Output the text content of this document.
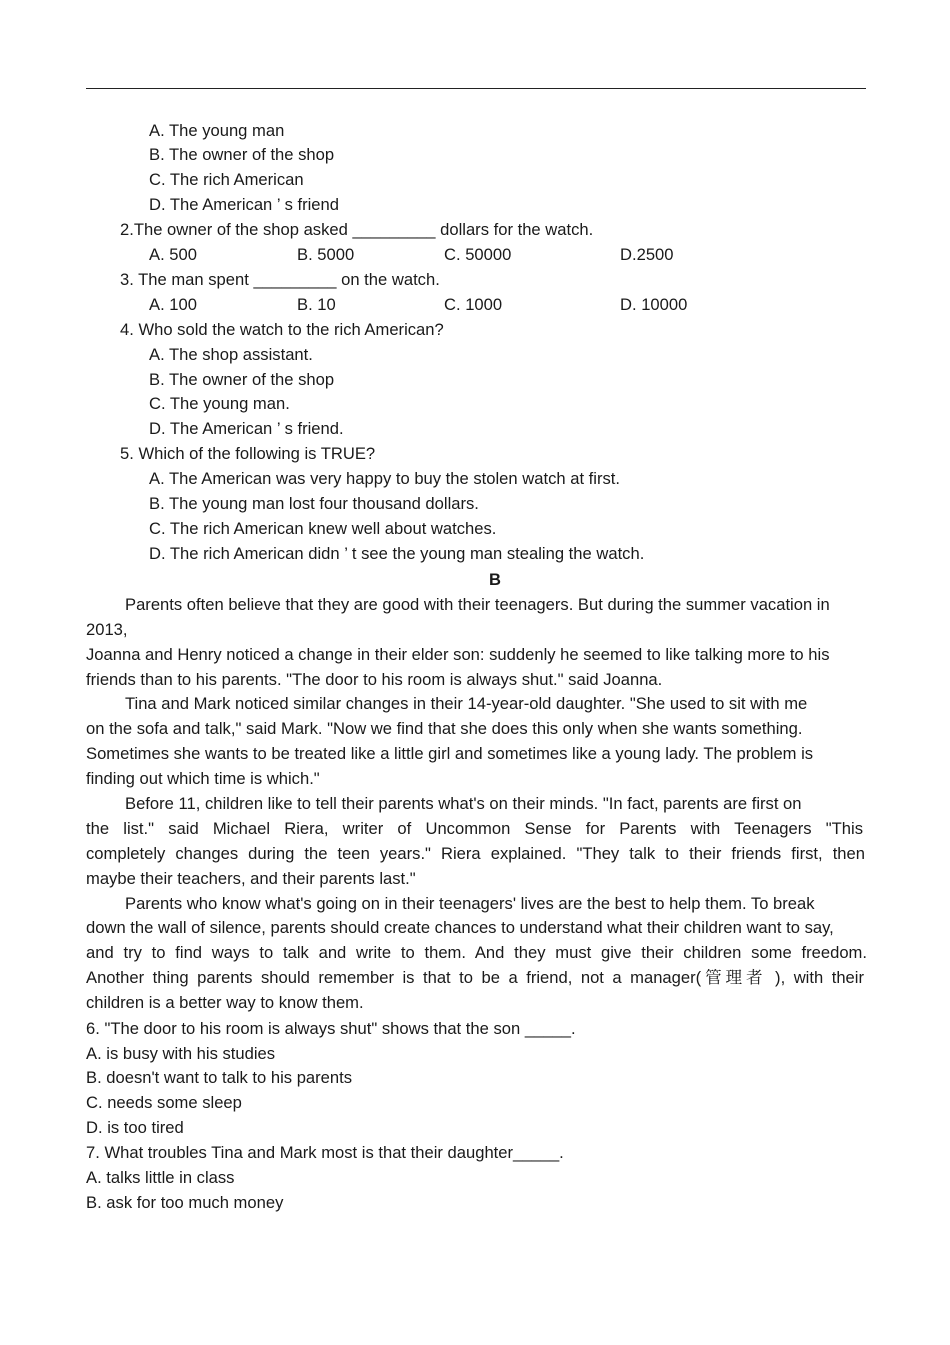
A. The young man
B. The owner of the shop
C. The rich American
D. The American ’ s friend
2.The owner of the shop asked _________ dollars for the watch.
A. 500	B. 5000	C. 50000	D.2500
3. The man spent _________ on the watch.
A. 100	B. 10	C. 1000	D. 10000
4. Who sold the watch to the rich American?
A. The shop assistant.
B. The owner of the shop
C. The young man.
D. The American ’ s friend.
5. Which of the following is TRUE?
A. The American was very happy to buy the stolen watch at first.
B. The young man lost four thousand dollars.
C. The rich American knew well about watches.
D. The rich American didn ’ t see the young man stealing the watch.
B
Parents often believe that they are good with their teenagers. But during the summer vacation in
2013,
Joanna and Henry noticed a change in their elder son: suddenly he seemed to like talking more to his
friends than to his parents. "The door to his room is always shut." said Joanna.
Tina and Mark noticed similar changes in their 14-year-old daughter. "She used to sit with me
on the sofa and talk," said Mark. "Now we find that she does this only when she wants something.
Sometimes she wants to be treated like a little girl and sometimes like a young lady. The problem is
finding out which time is which."
Before 11, children like to tell their parents what's on their minds. "In fact, parents are first on
the list." said Michael Riera, writer of Uncommon Sense for Parents with Teenagers "This
completely changes during the teen years." Riera explained. "They talk to their friends first, then
maybe their teachers, and their parents last."
Parents who know what's going on in their teenagers' lives are the best to help them. To break
down the wall of silence, parents should create chances to understand what their children want to say,
and try to find ways to talk and write to them. And they must give their children some freedom.
Another thing parents should remember is that to be a friend, not a manager(管理者 ), with their
children is a better way to know them.
6. "The door to his room is always shut" shows that the son _____.
A. is busy with his studies
B. doesn't want to talk to his parents
C. needs some sleep
D. is too tired
7. What troubles Tina and Mark most is that their daughter_____.
A. talks little in class
B. ask for too much money
